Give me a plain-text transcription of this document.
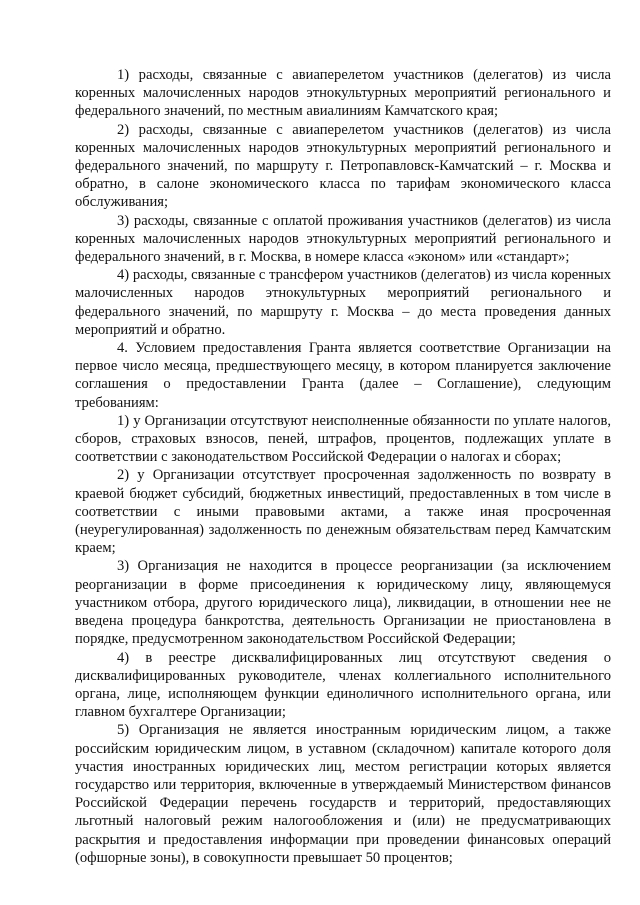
1) расходы, связанные с авиаперелетом участников (делегатов) из числа коренных малочисленных народов этнокультурных мероприятий регионального и федерального значений, по местным авиалиниям Камчатского края;

2) расходы, связанные с авиаперелетом участников (делегатов) из числа коренных малочисленных народов этнокультурных мероприятий регионального и федерального значений, по маршруту г. Петропавловск-Камчатский – г. Москва и обратно, в салоне экономического класса по тарифам экономического класса обслуживания;

3) расходы, связанные с оплатой проживания участников (делегатов) из числа коренных малочисленных народов этнокультурных мероприятий регионального и федерального значений, в г. Москва, в номере класса «эконом» или «стандарт»;

4) расходы, связанные с трансфером участников (делегатов) из числа коренных малочисленных народов этнокультурных мероприятий регионального и федерального значений, по маршруту г. Москва – до места проведения данных мероприятий и обратно.

4. Условием предоставления Гранта является соответствие Организации на первое число месяца, предшествующего месяцу, в котором планируется заключение соглашения о предоставлении Гранта (далее – Соглашение), следующим требованиям:

1) у Организации отсутствуют неисполненные обязанности по уплате налогов, сборов, страховых взносов, пеней, штрафов, процентов, подлежащих уплате в соответствии с законодательством Российской Федерации о налогах и сборах;

2) у Организации отсутствует просроченная задолженность по возврату в краевой бюджет субсидий, бюджетных инвестиций, предоставленных в том числе в соответствии с иными правовыми актами, а также иная просроченная (неурегулированная) задолженность по денежным обязательствам перед Камчатским краем;

3) Организация не находится в процессе реорганизации (за исключением реорганизации в форме присоединения к юридическому лицу, являющемуся участником отбора, другого юридического лица), ликвидации, в отношении нее не введена процедура банкротства, деятельность Организации не приостановлена в порядке, предусмотренном законодательством Российской Федерации;

4) в реестре дисквалифицированных лиц отсутствуют сведения о дисквалифицированных руководителе, членах коллегиального исполнительного органа, лице, исполняющем функции единоличного исполнительного органа, или главном бухгалтере Организации;

5) Организация не является иностранным юридическим лицом, а также российским юридическим лицом, в уставном (складочном) капитале которого доля участия иностранных юридических лиц, местом регистрации которых является государство или территория, включенные в утверждаемый Министерством финансов Российской Федерации перечень государств и территорий, предоставляющих льготный налоговый режим налогообложения и (или) не предусматривающих раскрытия и предоставления информации при проведении финансовых операций (офшорные зоны), в совокупности превышает 50 процентов;
